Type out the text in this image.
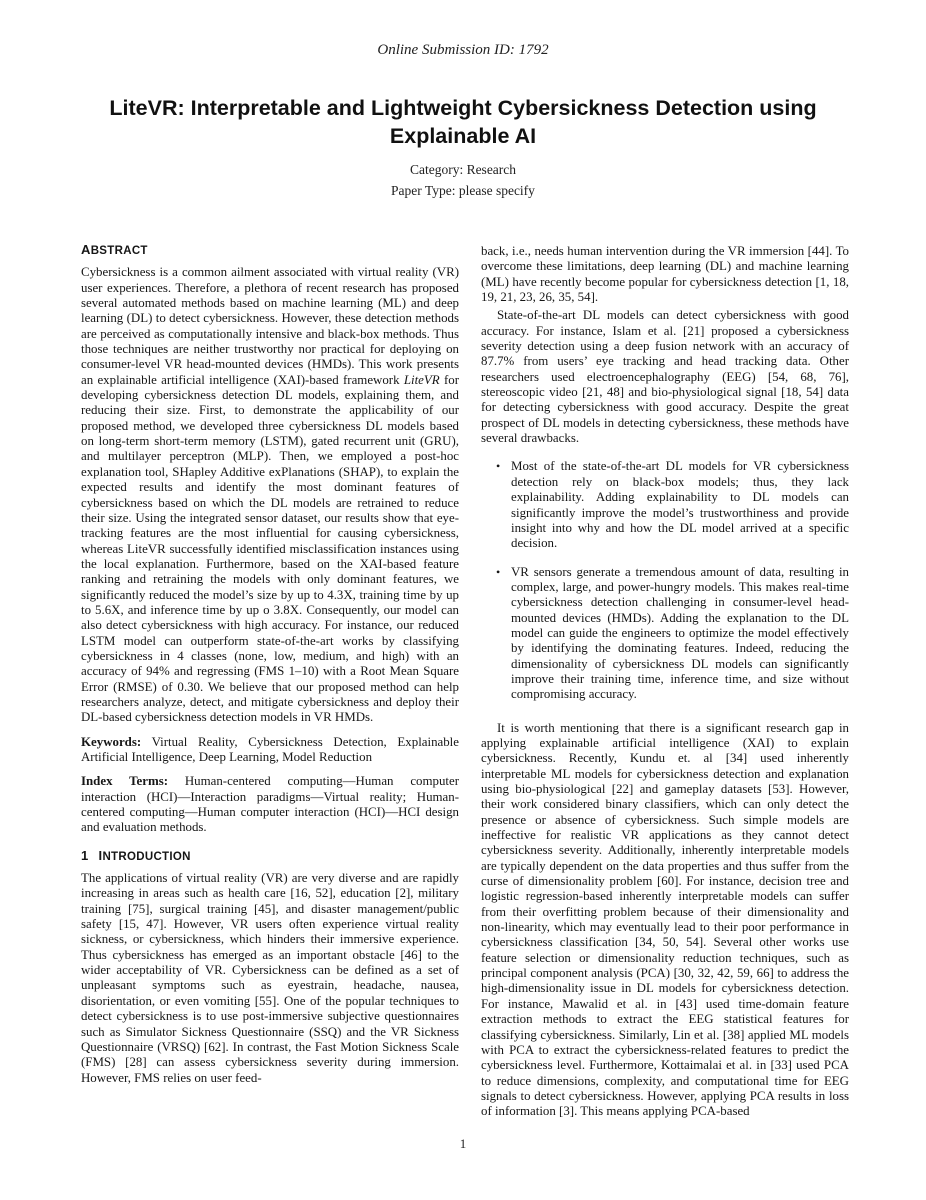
Online Submission ID: 1792
LiteVR: Interpretable and Lightweight Cybersickness Detection using Explainable AI
Category: Research
Paper Type: please specify
ABSTRACT

Cybersickness is a common ailment associated with virtual reality (VR) user experiences. Therefore, a plethora of recent research has proposed several automated methods based on machine learning (ML) and deep learning (DL) to detect cybersickness. However, these detection methods are perceived as computationally intensive and black-box methods. Thus those techniques are neither trustworthy nor practical for deploying on consumer-level VR head-mounted devices (HMDs). This work presents an explainable artificial intelligence (XAI)-based framework LiteVR for developing cybersickness detection DL models, explaining them, and reducing their size. First, to demonstrate the applicability of our proposed method, we developed three cybersickness DL models based on long-term short-term memory (LSTM), gated recurrent unit (GRU), and multilayer perceptron (MLP). Then, we employed a post-hoc explanation tool, SHapley Additive exPlanations (SHAP), to explain the expected results and identify the most dominant features of cybersickness based on which the DL models are retrained to reduce their size. Using the integrated sensor dataset, our results show that eye-tracking features are the most influential for causing cybersickness, whereas LiteVR successfully identified misclassification instances using the local explanation. Furthermore, based on the XAI-based feature ranking and retraining the models with only dominant features, we significantly reduced the model’s size by up to 4.3X, training time by up to 5.6X, and inference time by up o 3.8X. Consequently, our model can also detect cybersickness with high accuracy. For instance, our reduced LSTM model can outperform state-of-the-art works by classifying cybersickness in 4 classes (none, low, medium, and high) with an accuracy of 94% and regressing (FMS 1–10) with a Root Mean Square Error (RMSE) of 0.30. We believe that our proposed method can help researchers analyze, detect, and mitigate cybersickness and deploy their DL-based cybersickness detection models in VR HMDs.

Keywords: Virtual Reality, Cybersickness Detection, Explainable Artificial Intelligence, Deep Learning, Model Reduction

Index Terms: Human-centered computing—Human computer interaction (HCI)—Interaction paradigms—Virtual reality; Human-centered computing—Human computer interaction (HCI)—HCI design and evaluation methods.

1 INTRODUCTION

The applications of virtual reality (VR) are very diverse and are rapidly increasing in areas such as health care [16, 52], education [2], military training [75], surgical training [45], and disaster management/public safety [15, 47]. However, VR users often experience virtual reality sickness, or cybersickness, which hinders their immersive experience. Thus cybersickness has emerged as an important obstacle [46] to the wider acceptability of VR. Cybersickness can be defined as a set of unpleasant symptoms such as eyestrain, headache, nausea, disorientation, or even vomiting [55]. One of the popular techniques to detect cybersickness is to use post-immersive subjective questionnaires such as Simulator Sickness Questionnaire (SSQ) and the VR Sickness Questionnaire (VRSQ) [62]. In contrast, the Fast Motion Sickness Scale (FMS) [28] can assess cybersickness severity during immersion. However, FMS relies on user feed-

back, i.e., needs human intervention during the VR immersion [44]. To overcome these limitations, deep learning (DL) and machine learning (ML) have recently become popular for cybersickness detection [1, 18, 19, 21, 23, 26, 35, 54].

State-of-the-art DL models can detect cybersickness with good accuracy. For instance, Islam et al. [21] proposed a cybersickness severity detection using a deep fusion network with an accuracy of 87.7% from users’ eye tracking and head tracking data. Other researchers used electroencephalography (EEG) [54, 68, 76], stereoscopic video [21, 48] and bio-physiological signal [18, 54] data for detecting cybersickness with good accuracy. Despite the great prospect of DL models in detecting cybersickness, these methods have several drawbacks.

• Most of the state-of-the-art DL models for VR cybersickness detection rely on black-box models; thus, they lack explainability. Adding explainability to DL models can significantly improve the model’s trustworthiness and provide insight into why and how the DL model arrived at a specific decision.
• VR sensors generate a tremendous amount of data, resulting in complex, large, and power-hungry models. This makes real-time cybersickness detection challenging in consumer-level head-mounted devices (HMDs). Adding the explanation to the DL model can guide the engineers to optimize the model effectively by identifying the dominating features. Indeed, reducing the dimensionality of cybersickness DL models can significantly improve their training time, inference time, and size without compromising accuracy.

It is worth mentioning that there is a significant research gap in applying explainable artificial intelligence (XAI) to explain cybersickness. Recently, Kundu et. al [34] used inherently interpretable ML models for cybersickness detection and explanation using bio-physiological [22] and gameplay datasets [53]. However, their work considered binary classifiers, which can only detect the presence or absence of cybersickness. Such simple models are ineffective for realistic VR applications as they cannot detect cybersickness severity. Additionally, inherently interpretable models are typically dependent on the data properties and thus suffer from the curse of dimensionality problem [60]. For instance, decision tree and logistic regression-based inherently interpretable models can suffer from their overfitting problem because of their dimensionality and non-linearity, which may eventually lead to their poor performance in cybersickness classification [34, 50, 54]. Several other works use feature selection or dimensionality reduction techniques, such as principal component analysis (PCA) [30, 32, 42, 59, 66] to address the high-dimensionality issue in DL models for cybersickness detection. For instance, Mawalid et al. in [43] used time-domain feature extraction methods to extract the EEG statistical features for classifying cybersickness. Similarly, Lin et al. [38] applied ML models with PCA to extract the cybersickness-related features to predict the cybersickness level. Furthermore, Kottaimalai et al. in [33] used PCA to reduce dimensions, complexity, and computational time for EEG signals to detect cybersickness. However, applying PCA results in loss of information [3]. This means applying PCA-based

1
